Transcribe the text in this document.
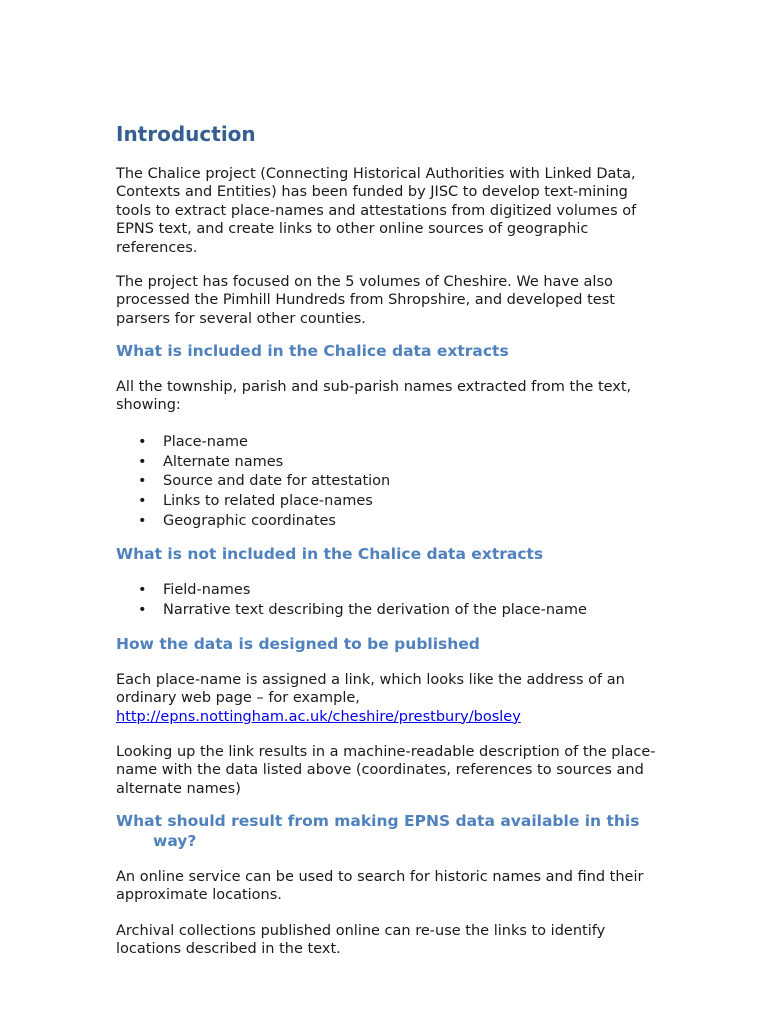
Introduction

The Chalice project (Connecting Historical Authorities with Linked Data, Contexts and Entities) has been funded by JISC to develop text-mining tools to extract place-names and attestations from digitized volumes of EPNS text, and create links to other online sources of geographic references.

The project has focused on the 5 volumes of Cheshire. We have also processed the Pimhill Hundreds from Shropshire, and developed test parsers for several other counties.

What is included in the Chalice data extracts

All the township, parish and sub-parish names extracted from the text, showing:

• Place-name
• Alternate names
• Source and date for attestation
• Links to related place-names
• Geographic coordinates
What is not included in the Chalice data extracts
• Field-names
• Narrative text describing the derivation of the place-name
How the data is designed to be published

Each place-name is assigned a link, which looks like the address of an ordinary web page – for example,
http://epns.nottingham.ac.uk/cheshire/prestbury/bosley

Looking up the link results in a machine-readable description of the place-name with the data listed above (coordinates, references to sources and alternate names)

What should result from making EPNS data available in this way?

An online service can be used to search for historic names and find their approximate locations.

Archival collections published online can re-use the links to identify locations described in the text.
